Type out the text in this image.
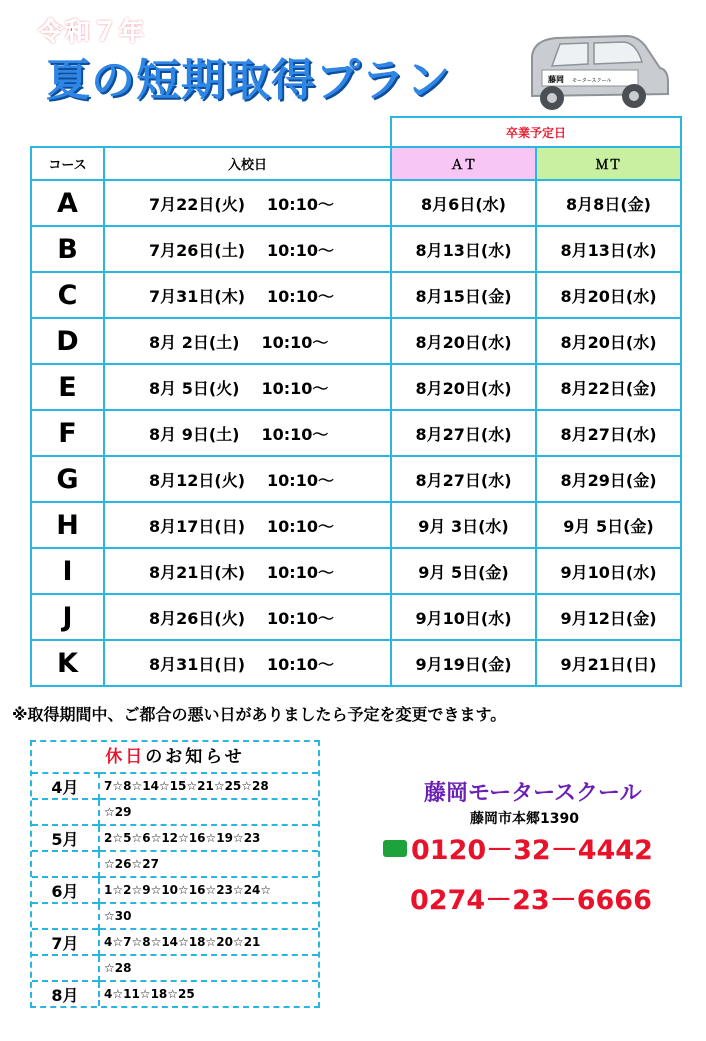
令和７年
夏の短期取得プラン	藤岡 モータースクール
		卒業予定日	
コース	入校日	ＡＴ	ＭＴ
A	7月22日(火) 10:10～	8月6日(水)	8月8日(金)
B	7月26日(土) 10:10～	8月13日(水)	8月13日(水)
C	7月31日(木) 10:10～	8月15日(金)	8月20日(水)
D	8月 2日(土) 10:10～	8月20日(水)	8月20日(水)
E	8月 5日(火) 10:10～	8月20日(水)	8月22日(金)
F	8月 9日(土) 10:10～	8月27日(水)	8月27日(水)
G	8月12日(火) 10:10～	8月27日(水)	8月29日(金)
H	8月17日(日) 10:10～	9月 3日(水)	9月 5日(金)
I	8月21日(木) 10:10～	9月 5日(金)	9月10日(水)
J	8月26日(火) 10:10～	9月10日(水)	9月12日(金)
K	8月31日(日) 10:10～	9月19日(金)	9月21日(日)
※取得期間中、ご都合の悪い日がありましたら予定を変更できます。
休日のお知らせ
4月	7☆8☆14☆15☆21☆25☆28
	☆29
5月	2☆5☆6☆12☆16☆19☆23
	☆26☆27
6月	1☆2☆9☆10☆16☆23☆24☆
	☆30
7月	4☆7☆8☆14☆18☆20☆21
	☆28
8月	4☆11☆18☆25
藤岡モータースクール
藤岡市本郷1390
0120－32－4442
0274－23－6666
